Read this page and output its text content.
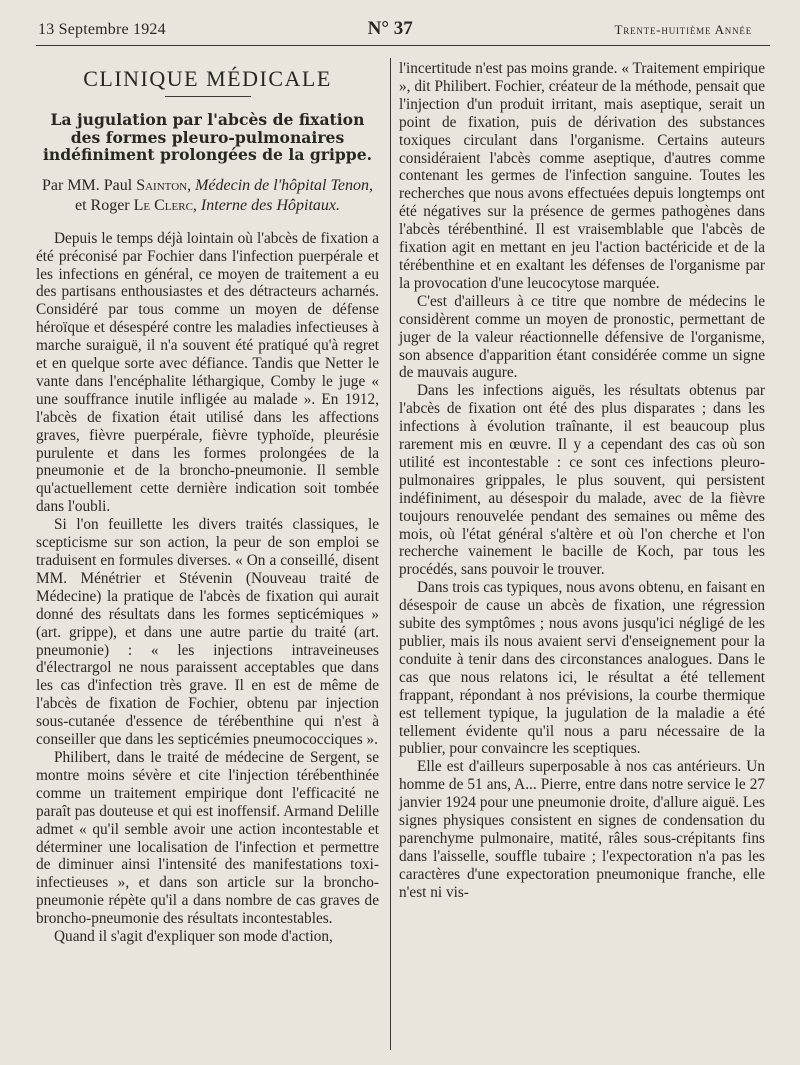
13 Septembre 1924	N° 37	Trente-huitième Année
CLINIQUE MÉDICALE
La jugulation par l'abcès de fixation des formes pleuro-pulmonaires indéfiniment prolongées de la grippe.
Par MM. Paul Sainton, Médecin de l'hôpital Tenon,
et Roger Le Clerc, Interne des Hôpitaux.

Depuis le temps déjà lointain où l'abcès de fixation a été préconisé par Fochier dans l'infection puerpérale et les infections en général, ce moyen de traitement a eu des partisans enthousiastes et des détracteurs acharnés. Considéré par tous comme un moyen de défense héroïque et désespéré contre les maladies infectieuses à marche suraiguë, il n'a souvent été pratiqué qu'à regret et en quelque sorte avec défiance. Tandis que Netter le vante dans l'encéphalite léthargique, Comby le juge « une souffrance inutile infligée au malade ». En 1912, l'abcès de fixation était utilisé dans les affections graves, fièvre puerpérale, fièvre typhoïde, pleurésie purulente et dans les formes prolongées de la pneumonie et de la broncho-pneumonie. Il semble qu'actuellement cette dernière indication soit tombée dans l'oubli.

Si l'on feuillette les divers traités classiques, le scepticisme sur son action, la peur de son emploi se traduisent en formules diverses. « On a conseillé, disent MM. Ménétrier et Stévenin (Nouveau traité de Médecine) la pratique de l'abcès de fixation qui aurait donné des résultats dans les formes septicémiques » (art. grippe), et dans une autre partie du traité (art. pneumonie) : « les injections intraveineuses d'électrargol ne nous paraissent acceptables que dans les cas d'infection très grave. Il en est de même de l'abcès de fixation de Fochier, obtenu par injection sous-cutanée d'essence de térébenthine qui n'est à conseiller que dans les septicémies pneumococciques ».

Philibert, dans le traité de médecine de Sergent, se montre moins sévère et cite l'injection térébenthinée comme un traitement empirique dont l'efficacité ne paraît pas douteuse et qui est inoffensif. Armand Delille admet « qu'il semble avoir une action incontestable et déterminer une localisation de l'infection et permettre de diminuer ainsi l'intensité des manifestations toxi-infectieuses », et dans son article sur la broncho-pneumonie répète qu'il a dans nombre de cas graves de broncho-pneumonie des résultats incontestables.

Quand il s'agit d'expliquer son mode d'action,

l'incertitude n'est pas moins grande. « Traitement empirique », dit Philibert. Fochier, créateur de la méthode, pensait que l'injection d'un produit irritant, mais aseptique, serait un point de fixation, puis de dérivation des substances toxiques circulant dans l'organisme. Certains auteurs considéraient l'abcès comme aseptique, d'autres comme contenant les germes de l'infection sanguine. Toutes les recherches que nous avons effectuées depuis longtemps ont été négatives sur la présence de germes pathogènes dans l'abcès térébenthiné. Il est vraisemblable que l'abcès de fixation agit en mettant en jeu l'action bactéricide et de la térébenthine et en exaltant les défenses de l'organisme par la provocation d'une leucocytose marquée.

C'est d'ailleurs à ce titre que nombre de médecins le considèrent comme un moyen de pronostic, permettant de juger de la valeur réactionnelle défensive de l'organisme, son absence d'apparition étant considérée comme un signe de mauvais augure.

Dans les infections aiguës, les résultats obtenus par l'abcès de fixation ont été des plus disparates ; dans les infections à évolution traînante, il est beaucoup plus rarement mis en œuvre. Il y a cependant des cas où son utilité est incontestable : ce sont ces infections pleuro-pulmonaires grippales, le plus souvent, qui persistent indéfiniment, au désespoir du malade, avec de la fièvre toujours renouvelée pendant des semaines ou même des mois, où l'état général s'altère et où l'on cherche et l'on recherche vainement le bacille de Koch, par tous les procédés, sans pouvoir le trouver.

Dans trois cas typiques, nous avons obtenu, en faisant en désespoir de cause un abcès de fixation, une régression subite des symptômes ; nous avons jusqu'ici négligé de les publier, mais ils nous avaient servi d'enseignement pour la conduite à tenir dans des circonstances analogues. Dans le cas que nous relatons ici, le résultat a été tellement frappant, répondant à nos prévisions, la courbe thermique est tellement typique, la jugulation de la maladie a été tellement évidente qu'il nous a paru nécessaire de la publier, pour convaincre les sceptiques.

Elle est d'ailleurs superposable à nos cas antérieurs. Un homme de 51 ans, A... Pierre, entre dans notre service le 27 janvier 1924 pour une pneumonie droite, d'allure aiguë. Les signes physiques consistent en signes de condensation du parenchyme pulmonaire, matité, râles sous-crépitants fins dans l'aisselle, souffle tubaire ; l'expectoration n'a pas les caractères d'une expectoration pneumonique franche, elle n'est ni vis-
